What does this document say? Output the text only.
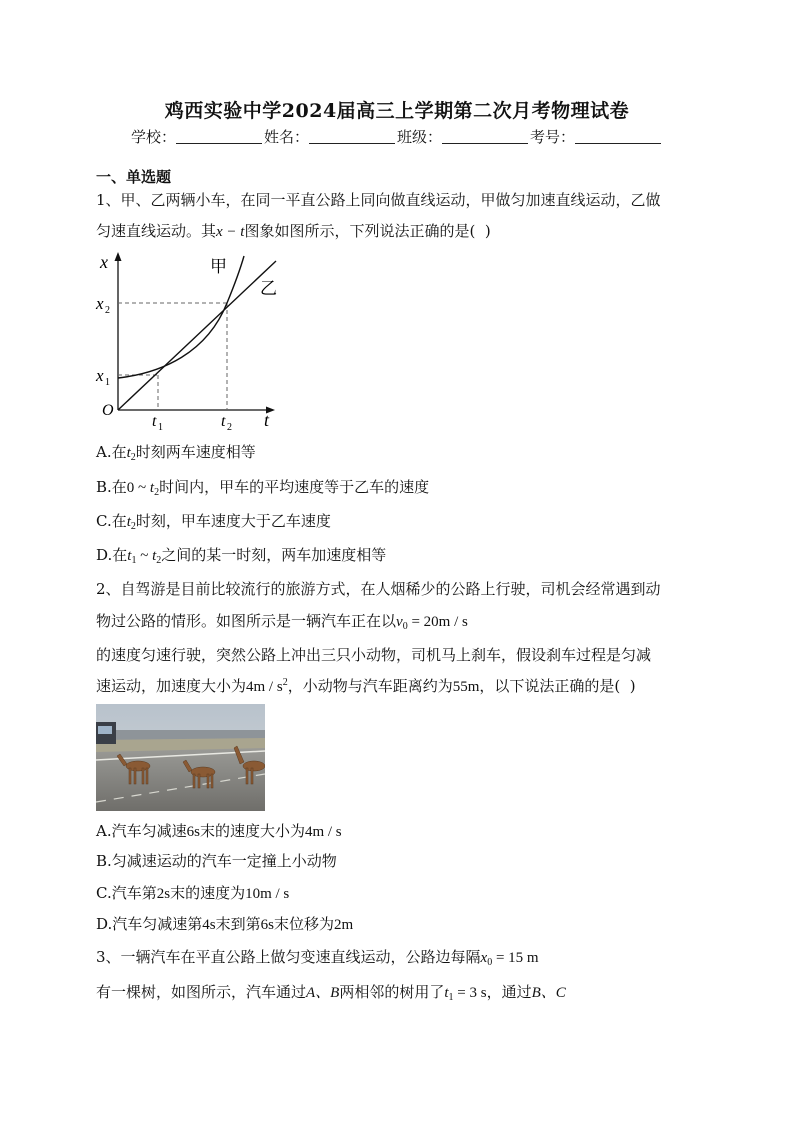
鸡西实验中学2024届高三上学期第二次月考物理试卷
学校：	姓名：	班级：	考号：
一、单选题
1、甲、乙两辆小车，在同一平直公路上同向做直线运动，甲做匀加速直线运动，乙做
匀速直线运动。其x − t图象如图所示，下列说法正确的是(  )
x
t
O
x 1
x 2
t 1	t 2
甲
乙
A.在$t_2$时刻两车速度相等
B.在0 ~ $t_2$时间内，甲车的平均速度等于乙车的速度
C.在$t_2$时刻，甲车速度大于乙车速度
D.在$t_1$ ~ $t_2$之间的某一时刻，两车加速度相等
2、自驾游是目前比较流行的旅游方式，在人烟稀少的公路上行驶，司机会经常遇到动
物过公路的情形。如图所示是一辆汽车正在以$v_0 = 20m / s$
的速度匀速行驶，突然公路上冲出三只小动物，司机马上刹车，假设刹车过程是匀减
速运动，加速度大小为$4m / s^2$，小动物与汽车距离约为55m，以下说法正确的是(  )
A.汽车匀减速6s末的速度大小为4m / s
B.匀减速运动的汽车一定撞上小动物
C.汽车第2s末的速度为10m / s
D.汽车匀减速第4s末到第6s末位移为2m
3、一辆汽车在平直公路上做匀变速直线运动，公路边每隔$x_0 = 15$ m
有一棵树，如图所示，汽车通过A、B两相邻的树用了$t_1 = 3$ s，通过B、C
